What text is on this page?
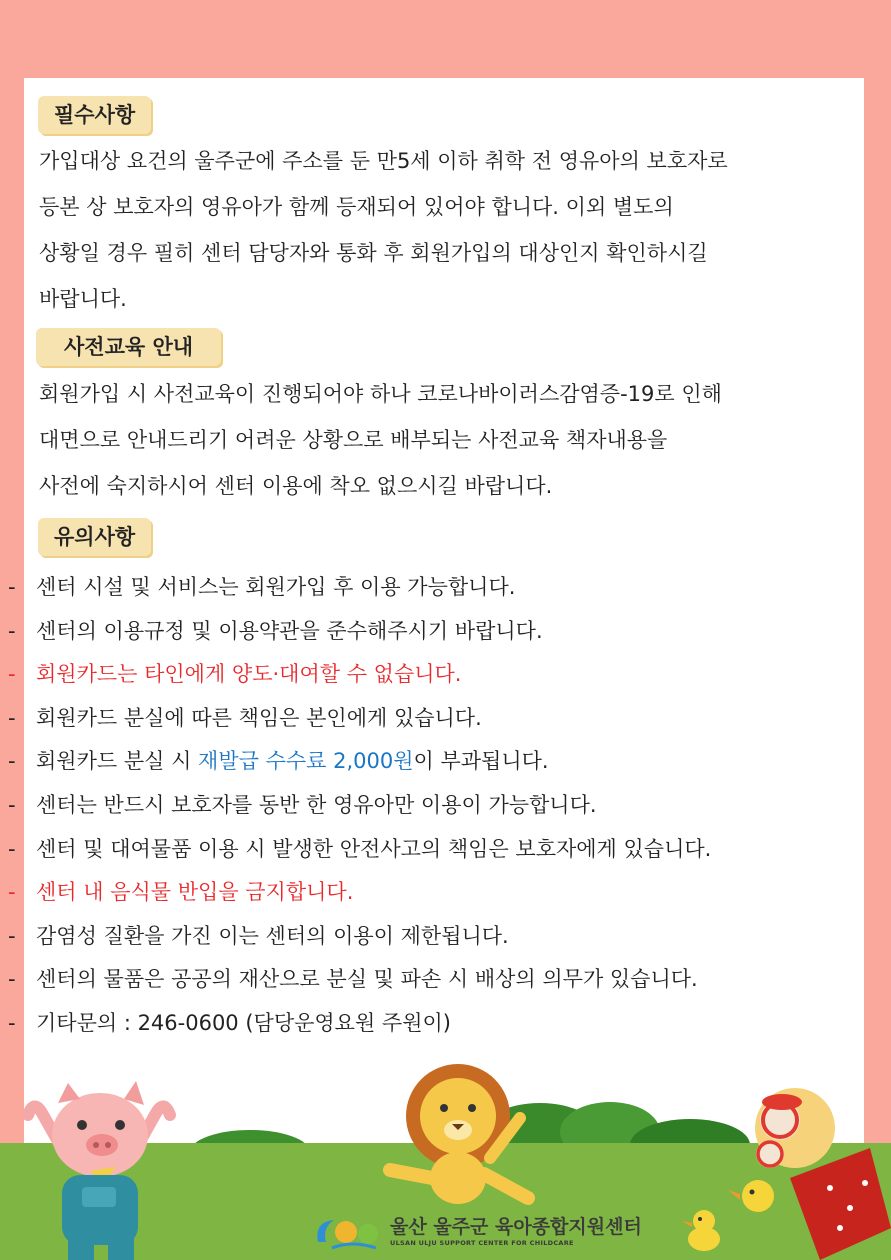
필수사항

가입대상 요건의 울주군에 주소를 둔 만5세 이하 취학 전 영유아의 보호자로

등본 상 보호자의 영유아가 함께 등재되어 있어야 합니다. 이외 별도의

상황일 경우 필히 센터 담당자와 통화 후 회원가입의 대상인지 확인하시길

바랍니다.

사전교육 안내

회원가입 시 사전교육이 진행되어야 하나 코로나바이러스감염증-19로 인해

대면으로 안내드리기 어려운 상황으로 배부되는 사전교육 책자내용을

사전에 숙지하시어 센터 이용에 착오 없으시길 바랍니다.

유의사항
- 센터 시설 및 서비스는 회원가입 후 이용 가능합니다.
- 센터의 이용규정 및 이용약관을 준수해주시기 바랍니다.
- 회원카드는 타인에게 양도·대여할 수 없습니다.
- 회원카드 분실에 따른 책임은 본인에게 있습니다.
- 회원카드 분실 시 재발급 수수료 2,000원이 부과됩니다.
- 센터는 반드시 보호자를 동반 한 영유아만 이용이 가능합니다.
- 센터 및 대여물품 이용 시 발생한 안전사고의 책임은 보호자에게 있습니다.
- 센터 내 음식물 반입을 금지합니다.
- 감염성 질환을 가진 이는 센터의 이용이 제한됩니다.
- 센터의 물품은 공공의 재산으로 분실 및 파손 시 배상의 의무가 있습니다.
- 기타문의 : 246-0600 (담당운영요원 주원이)
울산 울주군 육아종합지원센터
ULSAN ULJU SUPPORT CENTER FOR CHILDCARE
